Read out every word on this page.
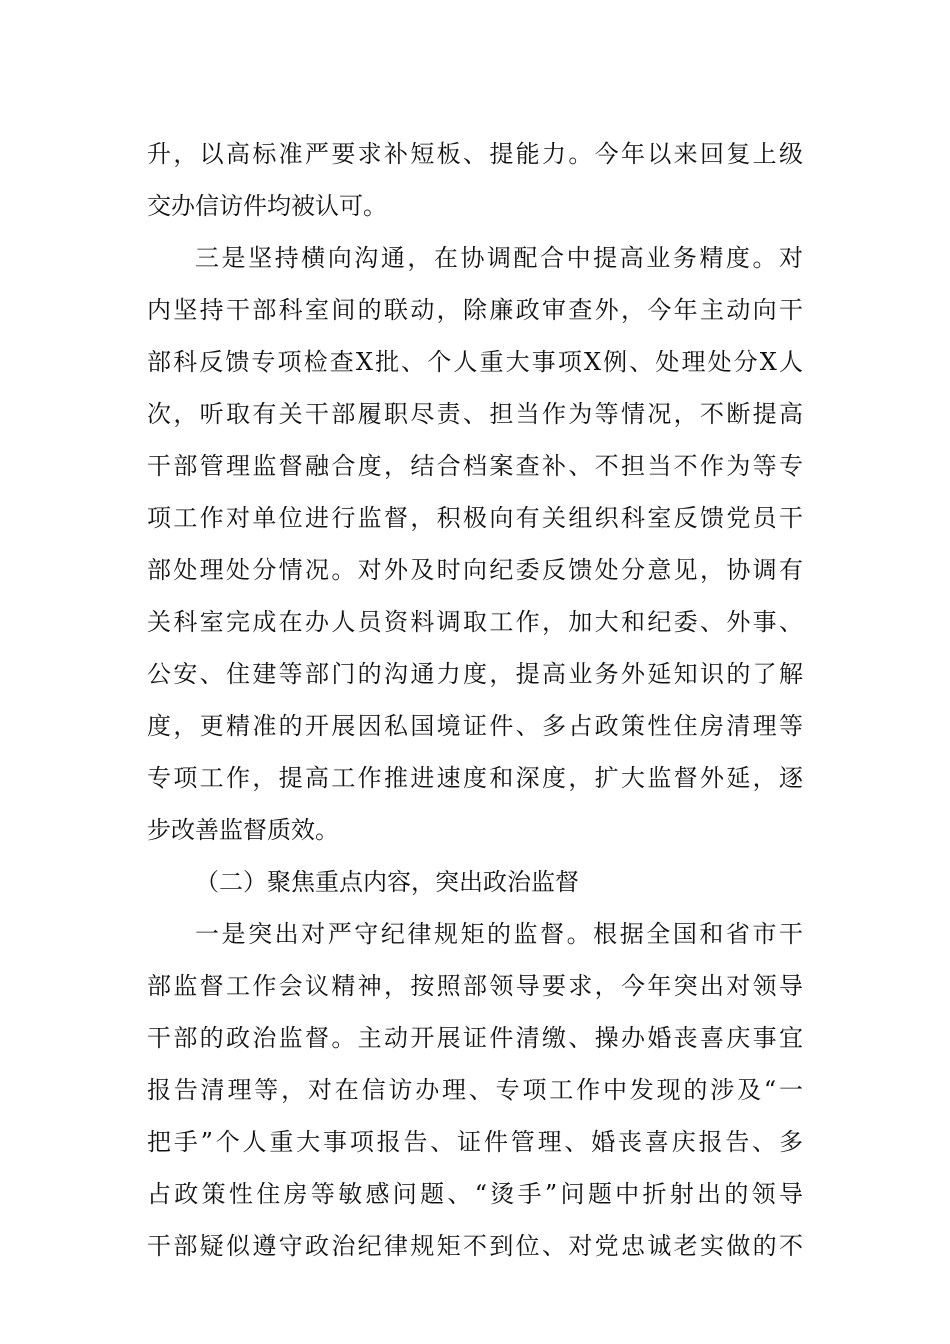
升，以高标准严要求补短板、提能力。今年以来回复上级
交办信访件均被认可。
三是坚持横向沟通，在协调配合中提高业务精度。对
内坚持干部科室间的联动，除廉政审查外，今年主动向干
部科反馈专项检查X批、个人重大事项X例、处理处分X人
次，听取有关干部履职尽责、担当作为等情况，不断提高
干部管理监督融合度，结合档案查补、不担当不作为等专
项工作对单位进行监督，积极向有关组织科室反馈党员干
部处理处分情况。对外及时向纪委反馈处分意见，协调有
关科室完成在办人员资料调取工作，加大和纪委、外事、
公安、住建等部门的沟通力度，提高业务外延知识的了解
度，更精准的开展因私国境证件、多占政策性住房清理等
专项工作，提高工作推进速度和深度，扩大监督外延，逐
步改善监督质效。
（二）聚焦重点内容，突出政治监督
一是突出对严守纪律规矩的监督。根据全国和省市干
部监督工作会议精神，按照部领导要求，今年突出对领导
干部的政治监督。主动开展证件清缴、操办婚丧喜庆事宜
报告清理等，对在信访办理、专项工作中发现的涉及“一
把手”个人重大事项报告、证件管理、婚丧喜庆报告、多
占政策性住房等敏感问题、“烫手”问题中折射出的领导
干部疑似遵守政治纪律规矩不到位、对党忠诚老实做的不
